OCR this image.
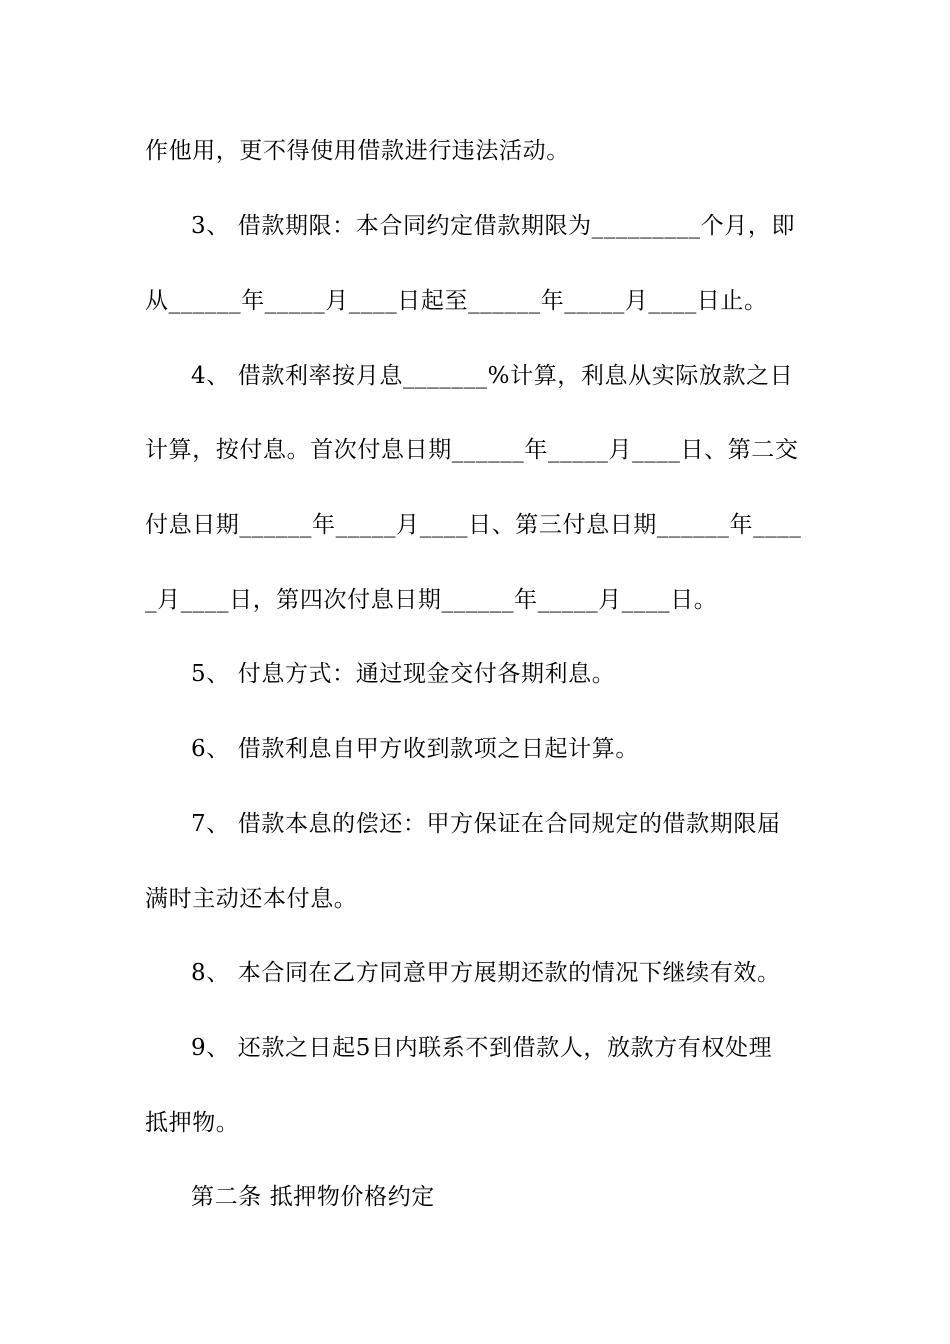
作他用，更不得使用借款进行违法活动。
3、 借款期限：本合同约定借款期限为_________个月，即
从______年_____月____日起至______年_____月____日止。
4、 借款利率按月息_______%计算，利息从实际放款之日
计算，按付息。首次付息日期______年_____月____日、第二交
付息日期______年_____月____日、第三付息日期______年____
_月____日，第四次付息日期______年_____月____日。
5、 付息方式：通过现金交付各期利息。
6、 借款利息自甲方收到款项之日起计算。
7、 借款本息的偿还：甲方保证在合同规定的借款期限届
满时主动还本付息。
8、 本合同在乙方同意甲方展期还款的情况下继续有效。
9、 还款之日起5日内联系不到借款人，放款方有权处理
抵押物。
第二条 抵押物价格约定
